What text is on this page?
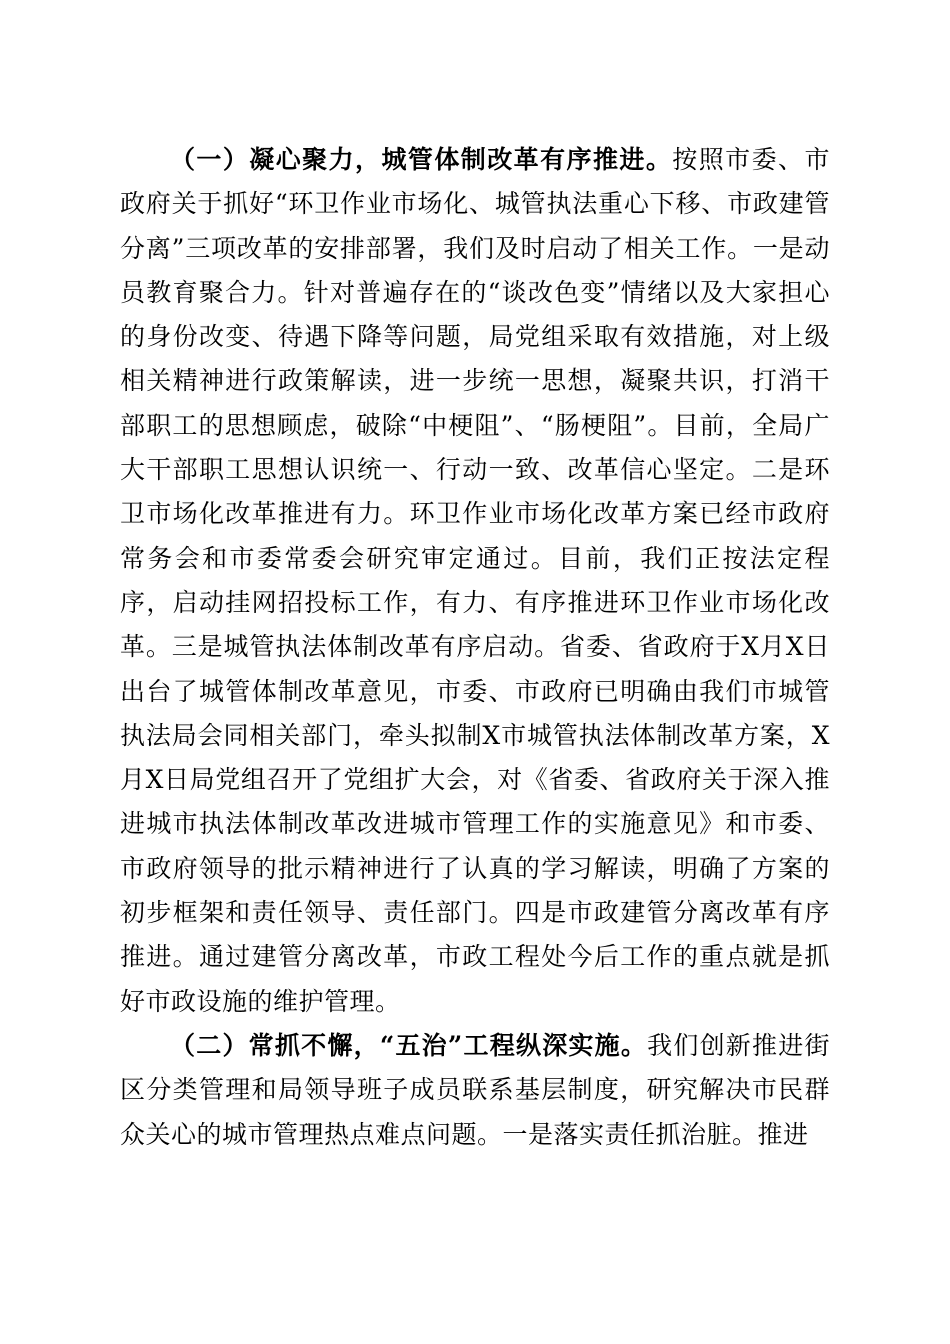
（一）凝心聚力，城管体制改革有序推进。按照市委、市政府关于抓好“环卫作业市场化、城管执法重心下移、市政建管分离”三项改革的安排部署，我们及时启动了相关工作。一是动员教育聚合力。针对普遍存在的“谈改色变”情绪以及大家担心的身份改变、待遇下降等问题，局党组采取有效措施，对上级相关精神进行政策解读，进一步统一思想，凝聚共识，打消干部职工的思想顾虑，破除“中梗阻”、“肠梗阻”。目前，全局广大干部职工思想认识统一、行动一致、改革信心坚定。二是环卫市场化改革推进有力。环卫作业市场化改革方案已经市政府常务会和市委常委会研究审定通过。目前，我们正按法定程序，启动挂网招投标工作，有力、有序推进环卫作业市场化改革。三是城管执法体制改革有序启动。省委、省政府于X月X日出台了城管体制改革意见，市委、市政府已明确由我们市城管执法局会同相关部门，牵头拟制X市城管执法体制改革方案，X月X日局党组召开了党组扩大会，对《省委、省政府关于深入推进城市执法体制改革改进城市管理工作的实施意见》和市委、市政府领导的批示精神进行了认真的学习解读，明确了方案的初步框架和责任领导、责任部门。四是市政建管分离改革有序推进。通过建管分离改革，市政工程处今后工作的重点就是抓好市政设施的维护管理。

（二）常抓不懈，“五治”工程纵深实施。我们创新推进街区分类管理和局领导班子成员联系基层制度，研究解决市民群众关心的城市管理热点难点问题。一是落实责任抓治脏。推进
